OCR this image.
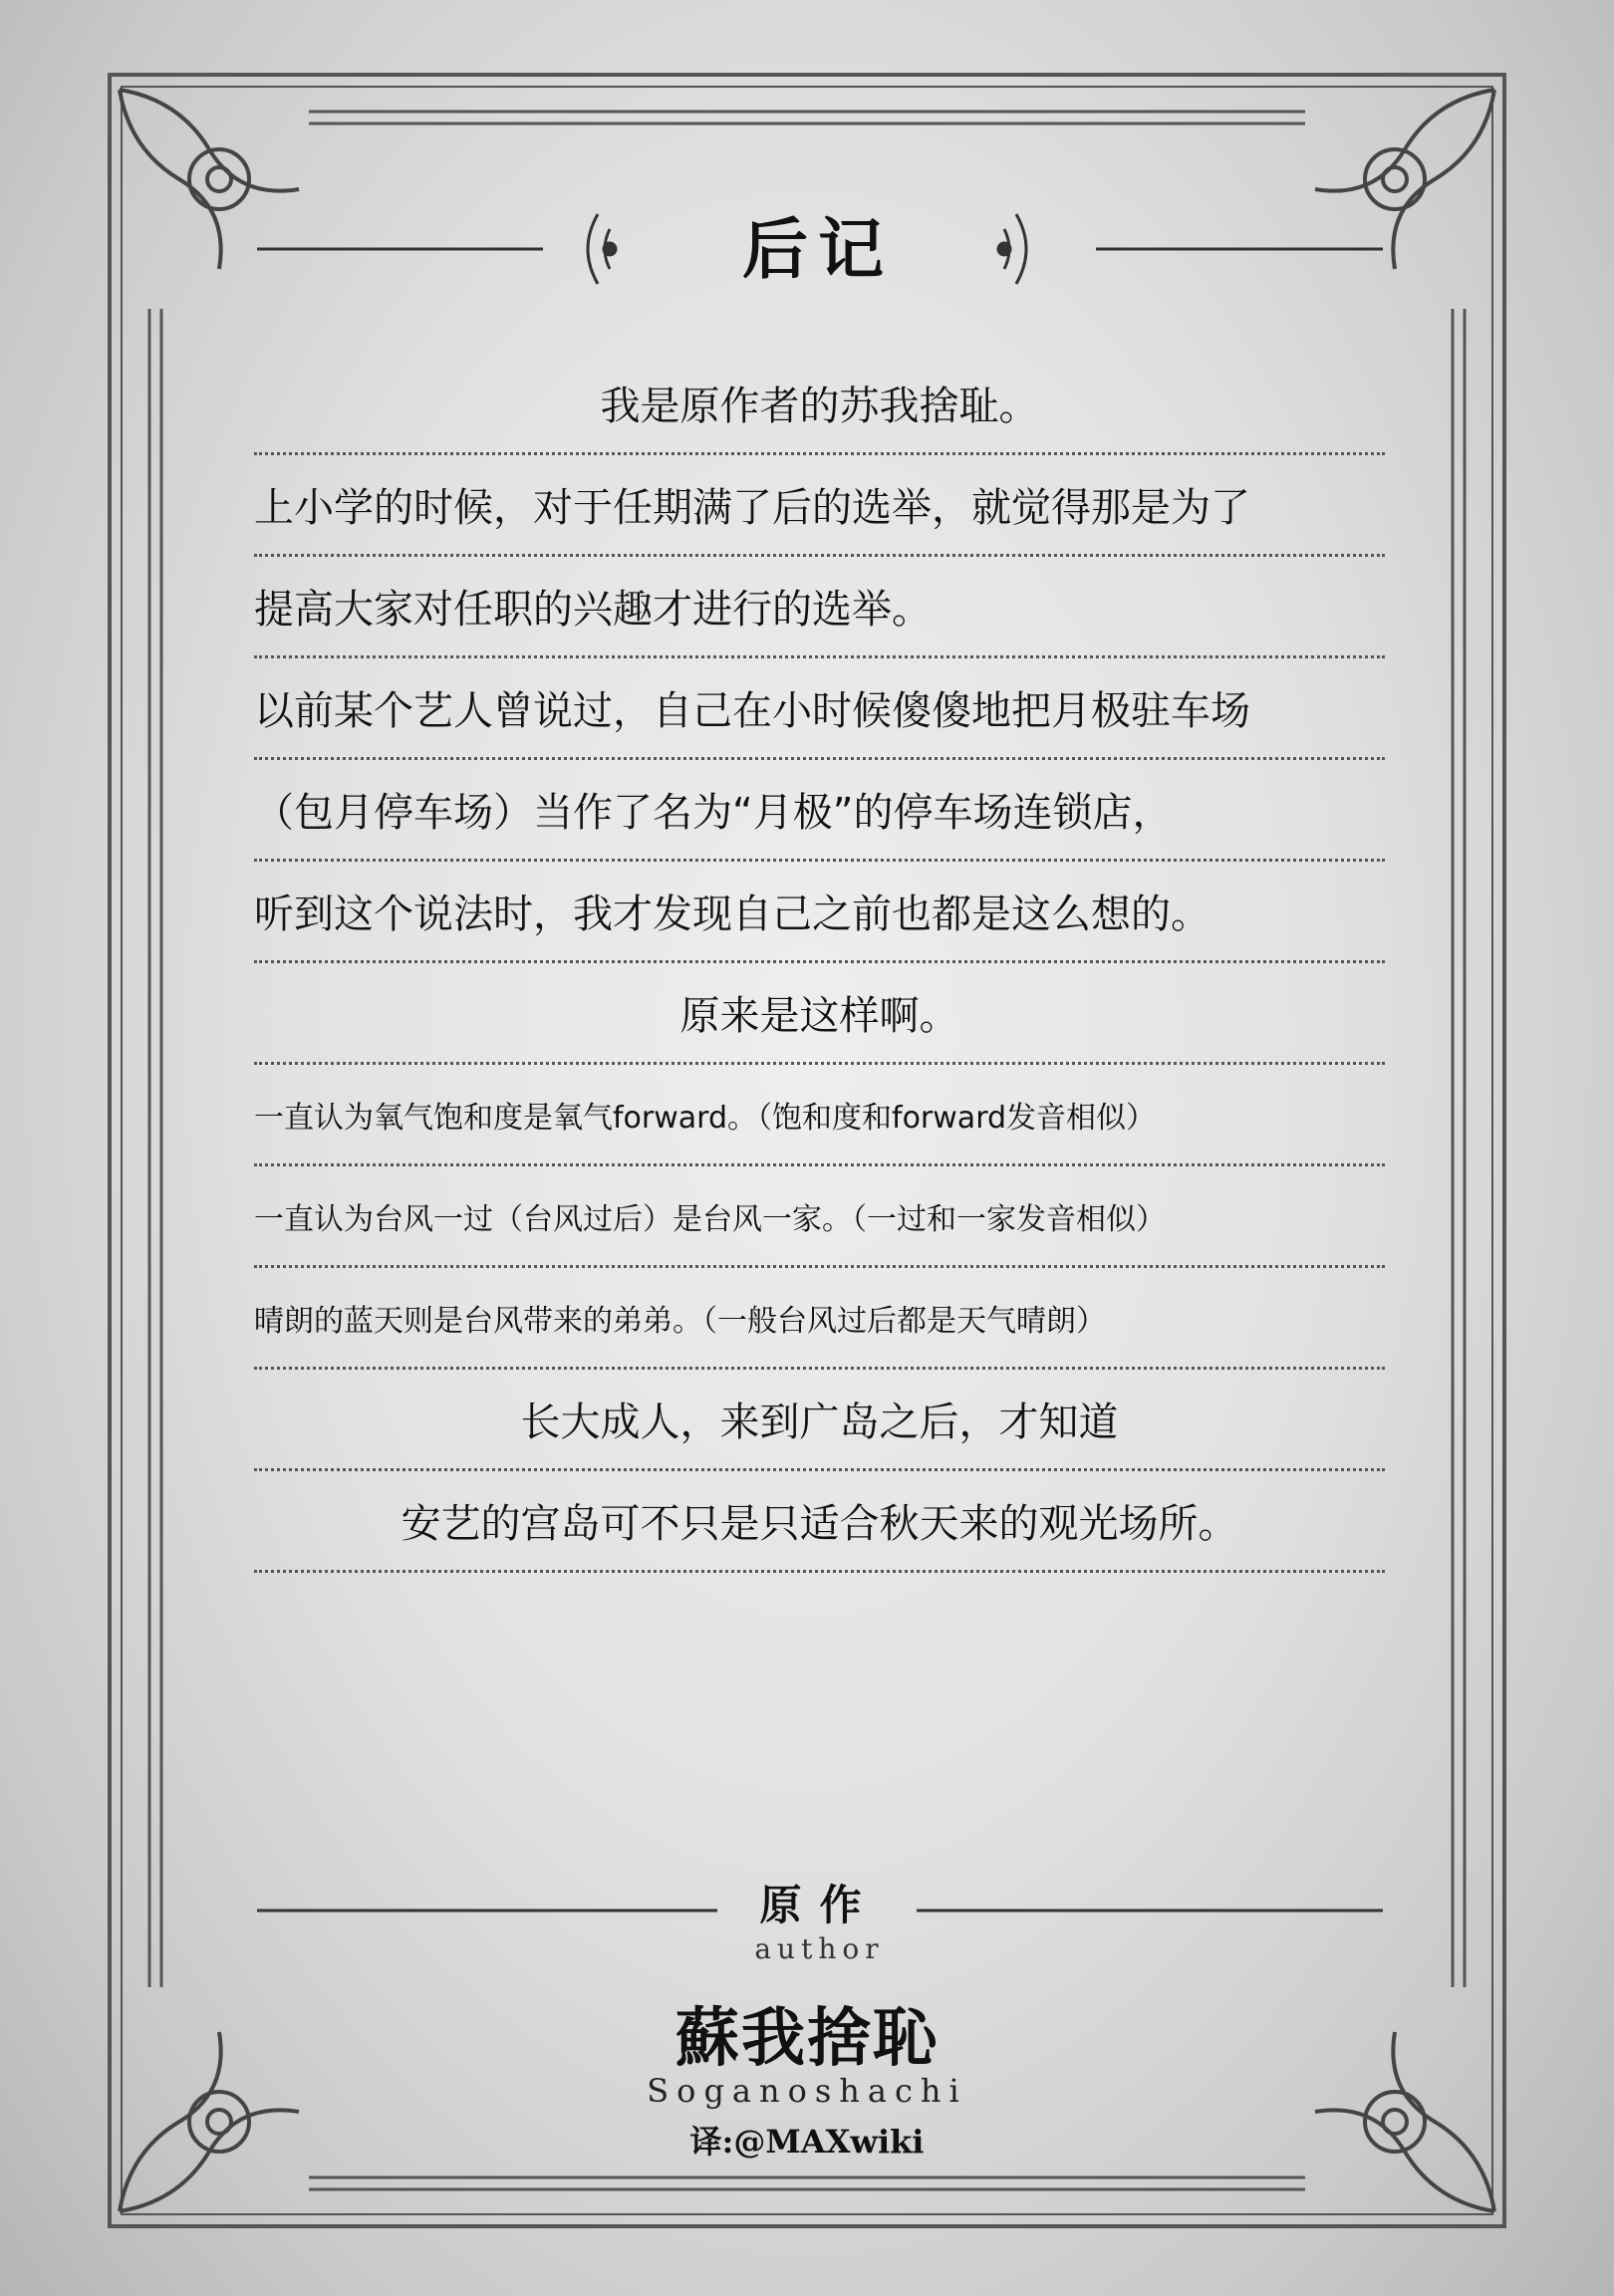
后记
我是原作者的苏我捨耻。
上小学的时候，对于任期满了后的选举，就觉得那是为了
提高大家对任职的兴趣才进行的选举。
以前某个艺人曾说过，自己在小时候傻傻地把月极驻车场
（包月停车场）当作了名为“月极”的停车场连锁店，
听到这个说法时，我才发现自己之前也都是这么想的。
原来是这样啊。
一直认为氧气饱和度是氧气forward。（饱和度和forward发音相似）
一直认为台风一过（台风过后）是台风一家。（一过和一家发音相似）
晴朗的蓝天则是台风带来的弟弟。（一般台风过后都是天气晴朗）
长大成人，来到广岛之后，才知道
安艺的宫岛可不只是只适合秋天来的观光场所。
原作
author
蘇我捨恥
Soganoshachi
译:@MAXwiki
